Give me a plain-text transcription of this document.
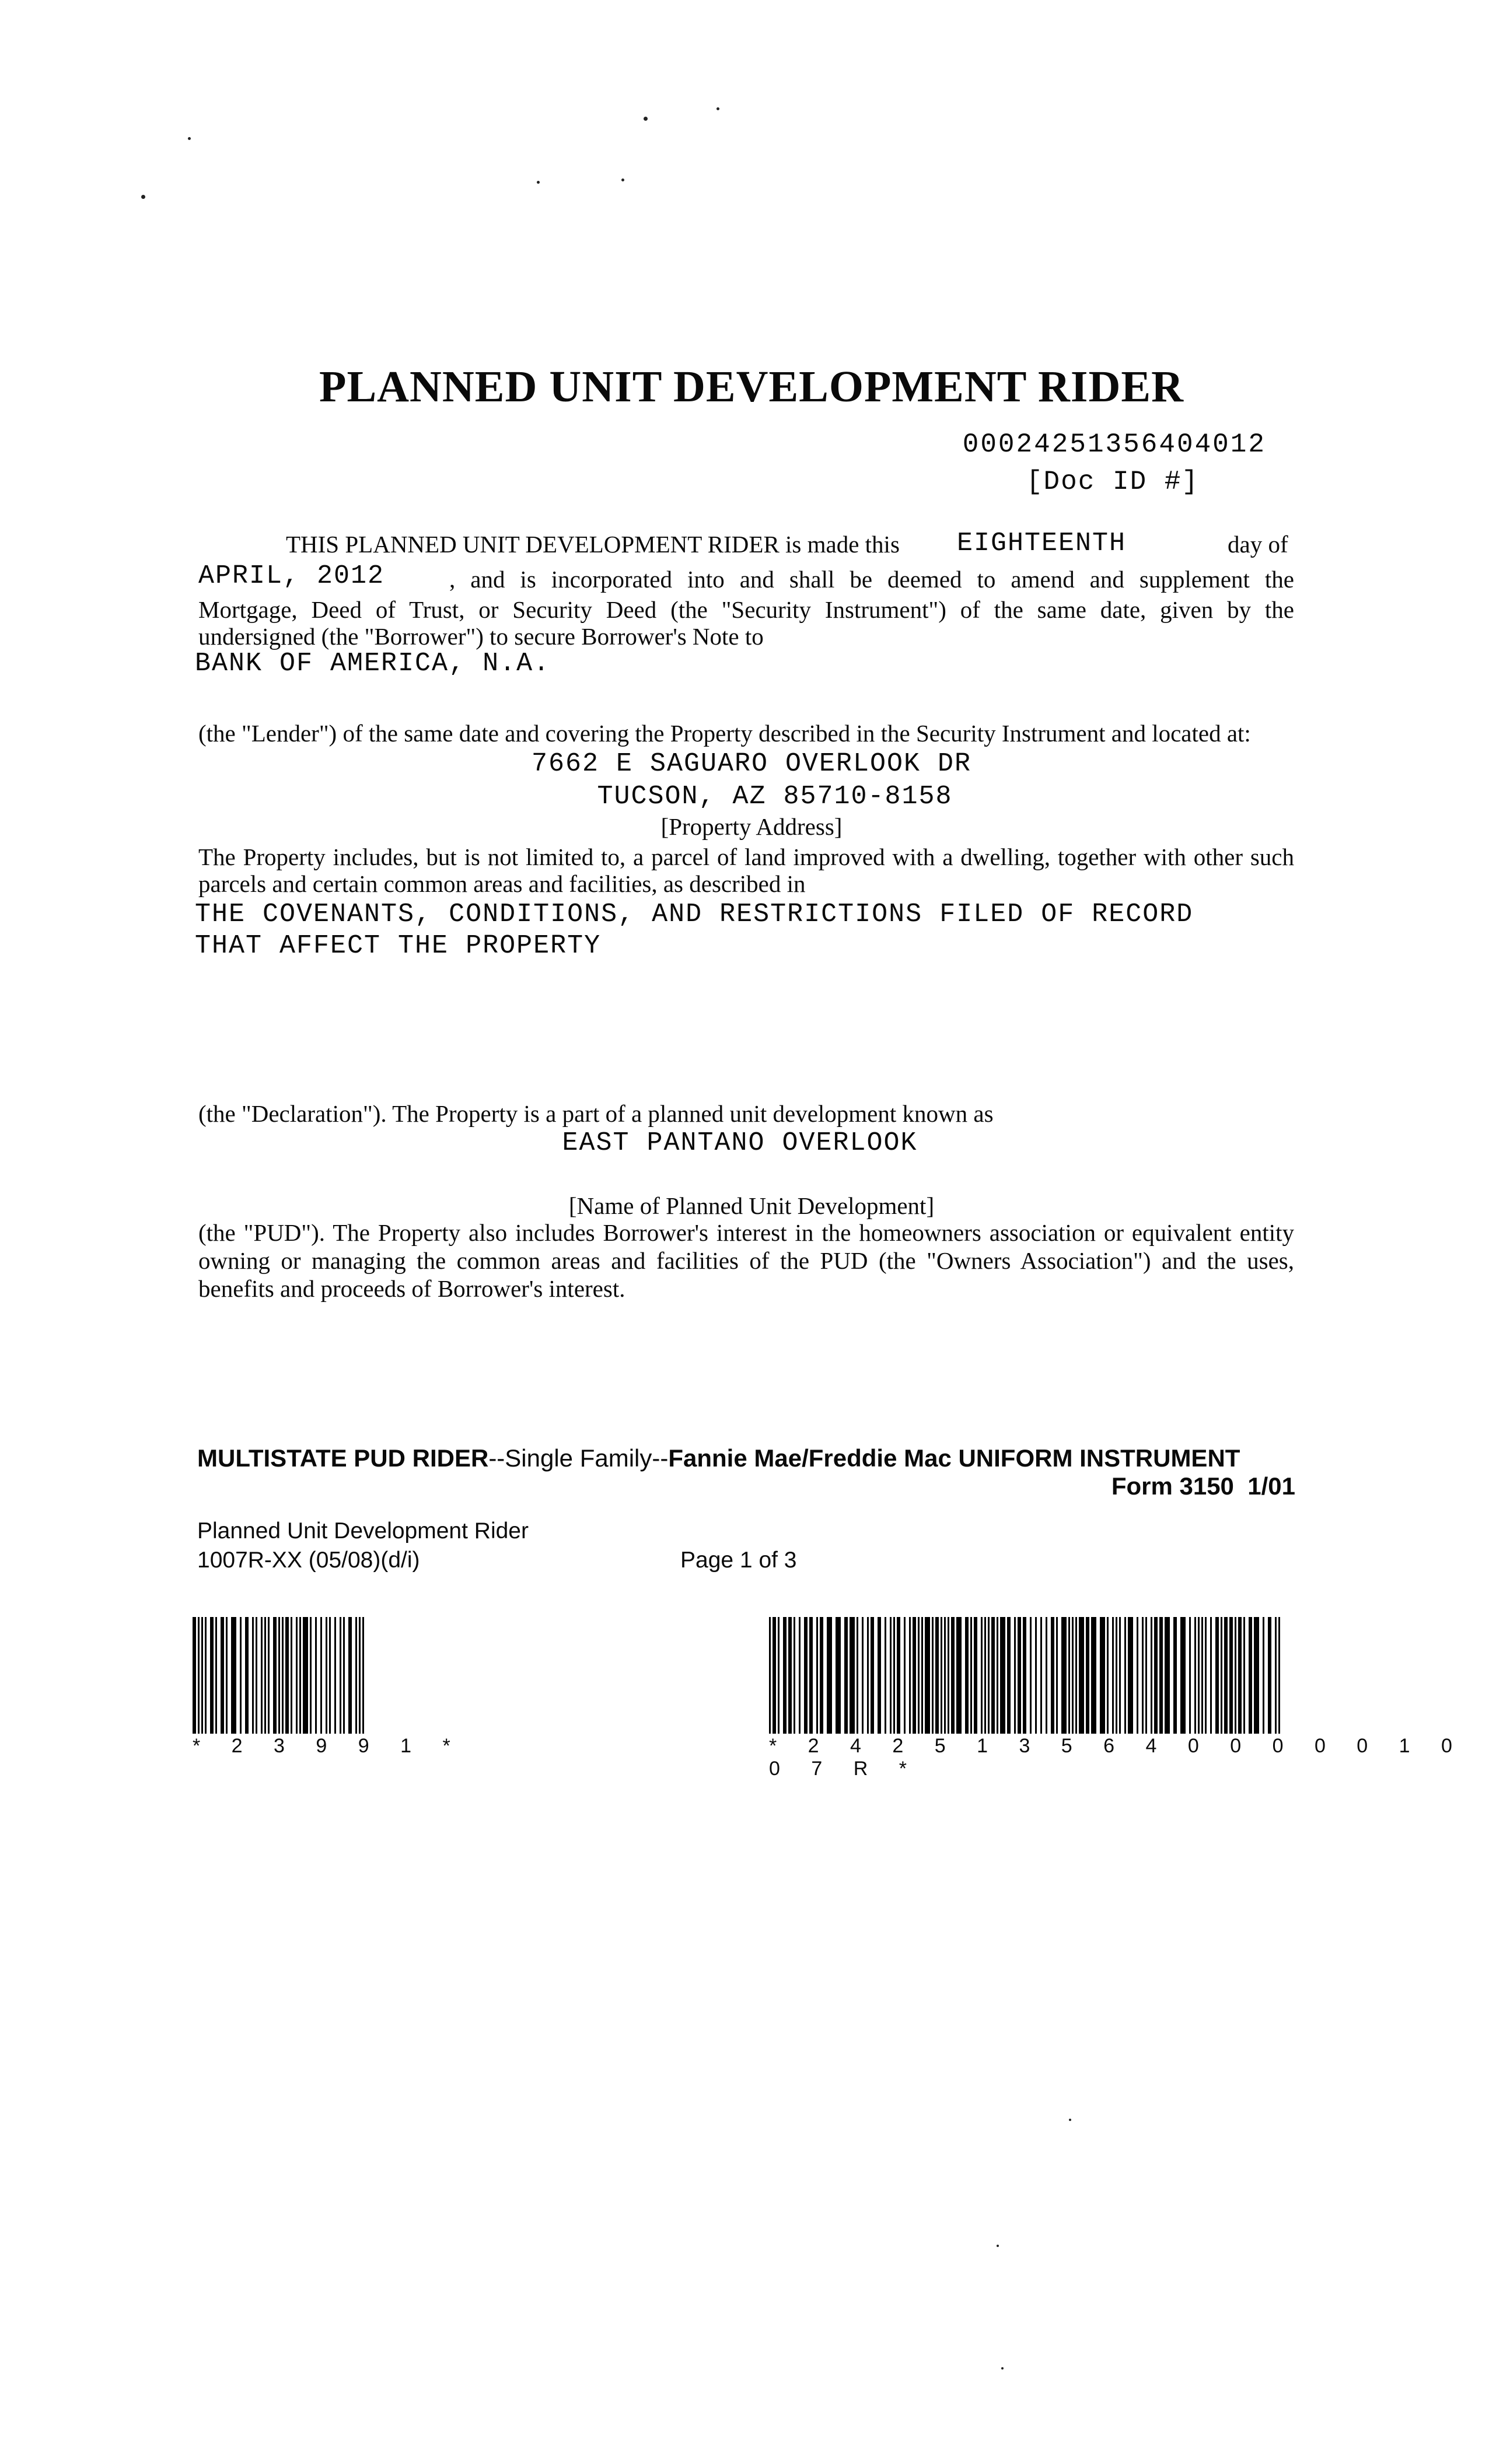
PLANNED UNIT DEVELOPMENT RIDER
00024251356404012
[Doc ID #]
THIS PLANNED UNIT DEVELOPMENT RIDER is made this	EIGHTEENTH	day of
APRIL, 2012	, and is incorporated into and shall be deemed to amend and supplement the
Mortgage, Deed of Trust, or Security Deed (the "Security Instrument") of the same date, given by the
undersigned (the "Borrower") to secure Borrower's Note to
BANK OF AMERICA, N.A.
(the "Lender") of the same date and covering the Property described in the Security Instrument and located at:
7662 E SAGUARO OVERLOOK DR
TUCSON, AZ 85710-8158
[Property Address]
The Property includes, but is not limited to, a parcel of land improved with a dwelling, together with other such
parcels and certain common areas and facilities, as described in
THE COVENANTS, CONDITIONS, AND RESTRICTIONS FILED OF RECORD
THAT AFFECT THE PROPERTY
(the "Declaration"). The Property is a part of a planned unit development known as
EAST PANTANO OVERLOOK
[Name of Planned Unit Development]
(the "PUD"). The Property also includes Borrower's interest in the homeowners association or equivalent entity
owning or managing the common areas and facilities of the PUD (the "Owners Association") and the uses,
benefits and proceeds of Borrower's interest.
MULTISTATE PUD RIDER--Single Family--Fannie Mae/Freddie Mac UNIFORM INSTRUMENT
Form 3150  1/01
Planned Unit Development Rider
1007R-XX (05/08)(d/i)	Page 1 of 3
* 2 3 9 9 1 *	* 2 4 2 5 1 3 5 6 4 0 0 0 0 0 1 0 0 7 R *
